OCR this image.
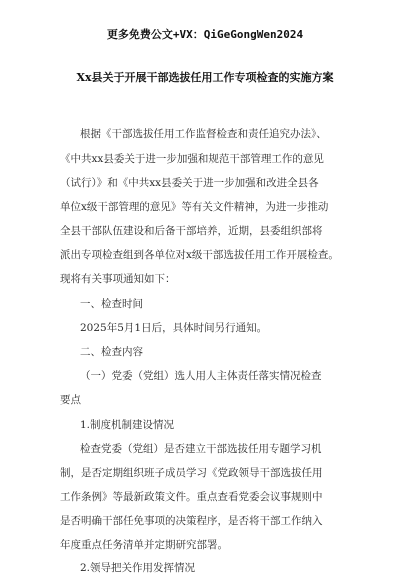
更多免费公文+VX：QiGeGongWen2024
Xx县关于开展干部选拔任用工作专项检查的实施方案
根据《干部选拔任用工作监督检查和责任追究办法》、
《中共xx县委关于进一步加强和规范干部管理工作的意见
（试行）》和《中共xx县委关于进一步加强和改进全县各
单位x级干部管理的意见》等有关文件精神，为进一步推动
全县干部队伍建设和后备干部培养，近期，县委组织部将
派出专项检查组到各单位对x级干部选拔任用工作开展检查。
现将有关事项通知如下：
一、检查时间
2025年5月1日后，具体时间另行通知。
二、检查内容
（一）党委（党组）选人用人主体责任落实情况检查
要点
1.制度机制建设情况
检查党委（党组）是否建立干部选拔任用专题学习机
制，是否定期组织班子成员学习《党政领导干部选拔任用
工作条例》等最新政策文件。重点查看党委会议事规则中
是否明确干部任免事项的决策程序，是否将干部工作纳入
年度重点任务清单并定期研究部署。
2.领导把关作用发挥情况
